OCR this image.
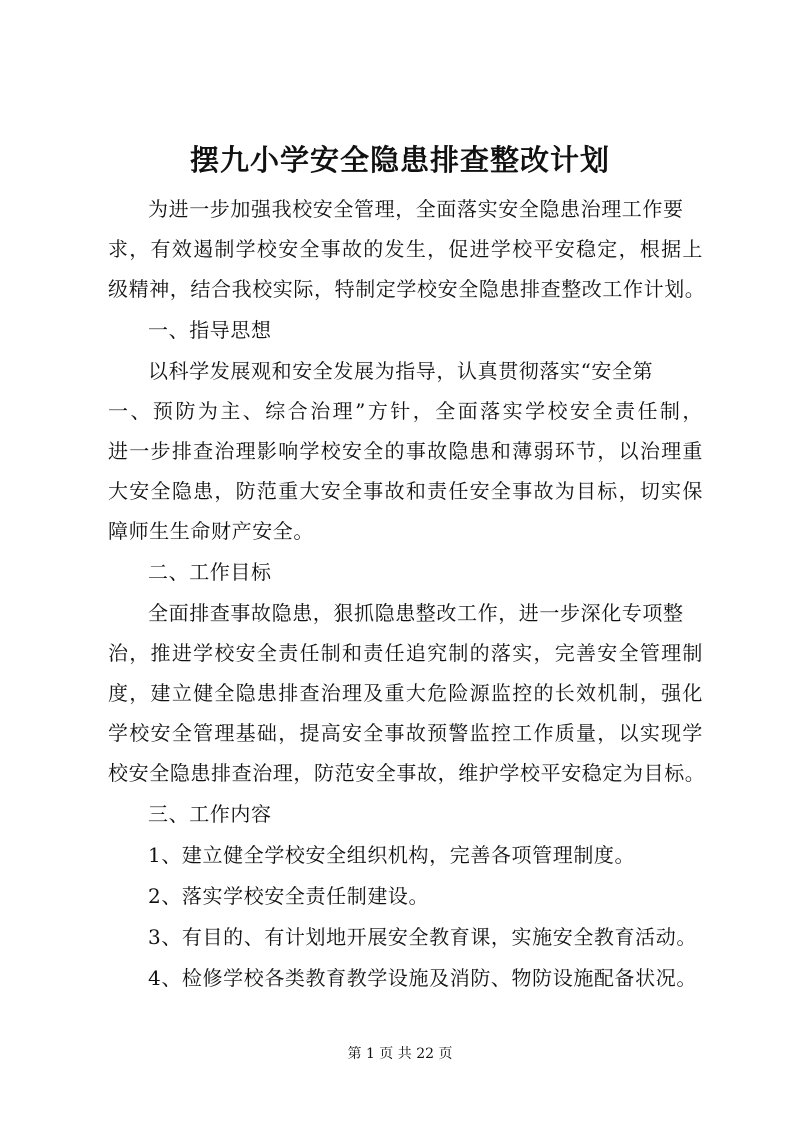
摆九小学安全隐患排查整改计划
为进一步加强我校安全管理，全面落实安全隐患治理工作要
求，有效遏制学校安全事故的发生，促进学校平安稳定，根据上
级精神，结合我校实际，特制定学校安全隐患排查整改工作计划。
一、指导思想
以科学发展观和安全发展为指导，认真贯彻落实“安全第
一、预防为主、综合治理”方针，全面落实学校安全责任制，
进一步排查治理影响学校安全的事故隐患和薄弱环节，以治理重
大安全隐患，防范重大安全事故和责任安全事故为目标，切实保
障师生生命财产安全。
二、工作目标
全面排查事故隐患，狠抓隐患整改工作，进一步深化专项整
治，推进学校安全责任制和责任追究制的落实，完善安全管理制
度，建立健全隐患排查治理及重大危险源监控的长效机制，强化
学校安全管理基础，提高安全事故预警监控工作质量，以实现学
校安全隐患排查治理，防范安全事故，维护学校平安稳定为目标。
三、工作内容
1、建立健全学校安全组织机构，完善各项管理制度。
2、落实学校安全责任制建设。
3、有目的、有计划地开展安全教育课，实施安全教育活动。
4、检修学校各类教育教学设施及消防、物防设施配备状况。
第 1 页 共 22 页
